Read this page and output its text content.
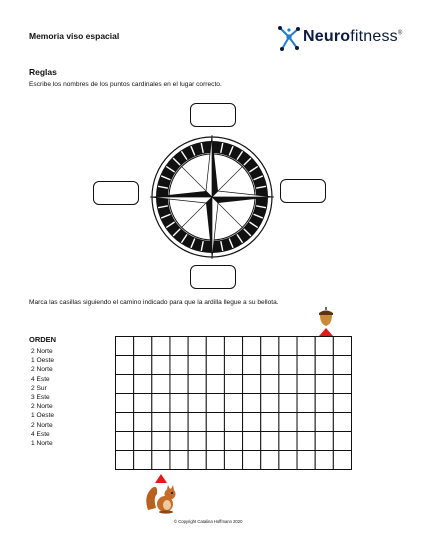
Memoria viso espacial	Neurofitness®
Reglas
Escribe los nombres de los puntos cardinales en el lugar correcto.
Marca las casillas siguiendo el camino indicado para que la ardilla llegue a su bellota.
ORDEN
2 Norte
1 Oeste
2 Norte
4 Este
2 Sur
3 Este
2 Norte
1 Oeste
2 Norte
4 Este
1 Norte
© Copyright Catalina Hoffmann 2020
